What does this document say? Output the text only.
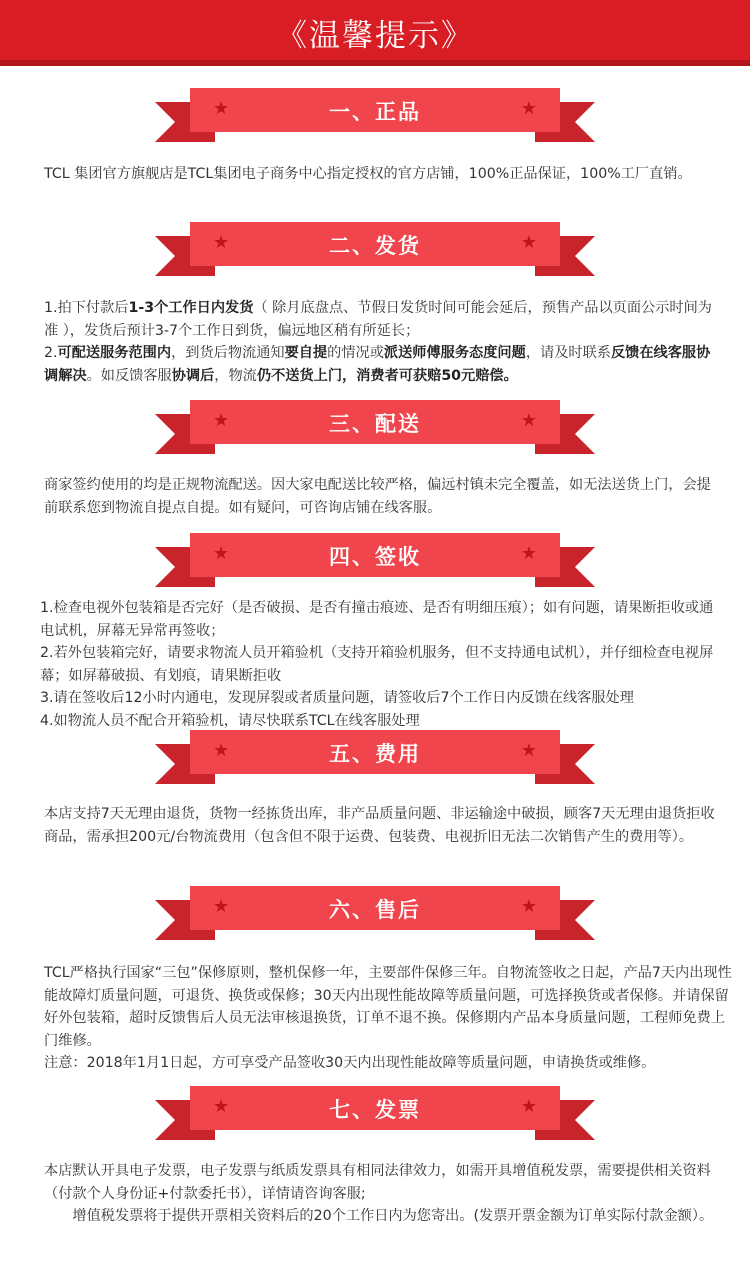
《温馨提示》
★	★
一、正品

TCL 集团官方旗舰店是TCL集团电子商务中心指定授权的官方店铺，100%正品保证，100%工厂直销。

★	★
二、发货

1.拍下付款后1-3个工作日内发货（ 除月底盘点、节假日发货时间可能会延后，预售产品以页面公示时间为准 ），发货后预计3-7个工作日到货，偏远地区稍有所延长；

2.可配送服务范围内，到货后物流通知要自提的情况或派送师傅服务态度问题，请及时联系反馈在线客服协调解决。如反馈客服协调后，物流仍不送货上门，消费者可获赔50元赔偿。

★	★
三、配送

商家签约使用的均是正规物流配送。因大家电配送比较严格，偏远村镇未完全覆盖，如无法送货上门，会提前联系您到物流自提点自提。如有疑问，可咨询店铺在线客服。

★	★
四、签收

1.检查电视外包装箱是否完好（是否破损、是否有撞击痕迹、是否有明细压痕）；如有问题，请果断拒收或通电试机，屏幕无异常再签收；

2.若外包装箱完好，请要求物流人员开箱验机（支持开箱验机服务，但不支持通电试机），并仔细检查电视屏幕；如屏幕破损、有划痕，请果断拒收

3.请在签收后12小时内通电，发现屏裂或者质量问题，请签收后7个工作日内反馈在线客服处理

4.如物流人员不配合开箱验机，请尽快联系TCL在线客服处理

★	★
五、费用

本店支持7天无理由退货，货物一经拣货出库，非产品质量问题、非运输途中破损，顾客7天无理由退货拒收商品，需承担200元/台物流费用（包含但不限于运费、包装费、电视折旧无法二次销售产生的费用等）。

★	★
六、售后

TCL严格执行国家“三包”保修原则，整机保修一年，主要部件保修三年。自物流签收之日起，产品7天内出现性能故障灯质量问题，可退货、换货或保修；30天内出现性能故障等质量问题，可选择换货或者保修。并请保留好外包装箱，超时反馈售后人员无法审核退换货，订单不退不换。保修期内产品本身质量问题，工程师免费上门维修。

注意：2018年1月1日起，方可享受产品签收30天内出现性能故障等质量问题，申请换货或维修。

★	★
七、发票

本店默认开具电子发票，电子发票与纸质发票具有相同法律效力，如需开具增值税发票，需要提供相关资料（付款个人身份证+付款委托书），详情请咨询客服;

增值税发票将于提供开票相关资料后的20个工作日内为您寄出。(发票开票金额为订单实际付款金额）。
